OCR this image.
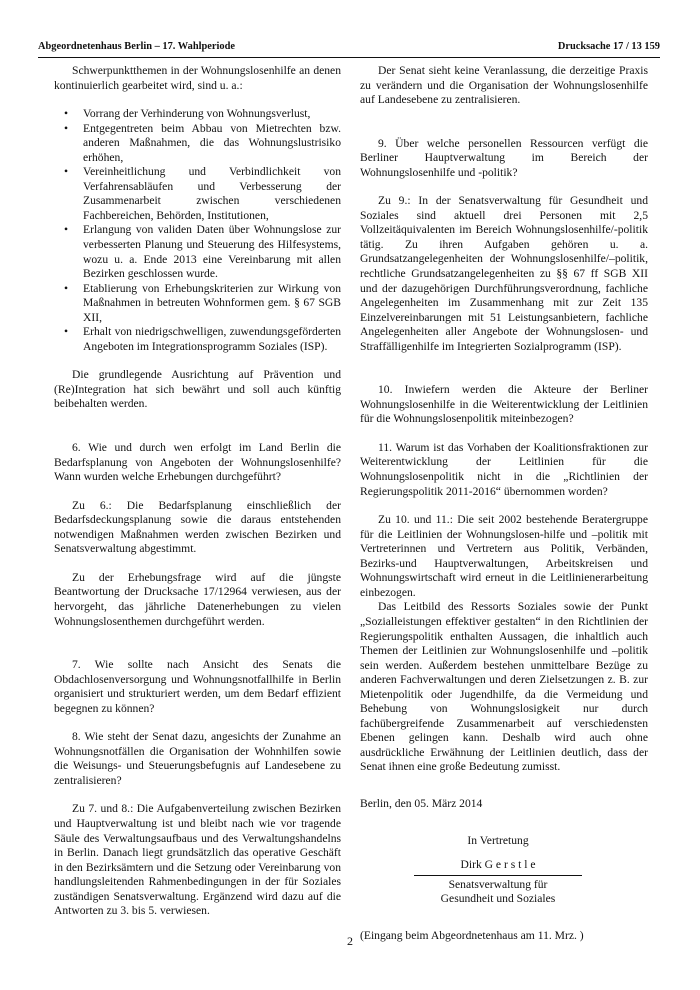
Abgeordnetenhaus Berlin – 17. Wahlperiode	Drucksache 17 / 13 159

Schwerpunktthemen in der Wohnungslosenhilfe an denen kontinuierlich gearbeitet wird, sind u. a.:

• Vorrang der Verhinderung von Wohnungsverlust,
• Entgegentreten beim Abbau von Mietrechten bzw. anderen Maßnahmen, die das Wohnungslustrisiko erhöhen,
• Vereinheitlichung und Verbindlichkeit von Verfahrensabläufen und Verbesserung der Zusammenarbeit zwischen verschiedenen Fachbereichen, Behörden, Institutionen,
• Erlangung von validen Daten über Wohnungslose zur verbesserten Planung und Steuerung des Hilfesystems, wozu u. a. Ende 2013 eine Vereinbarung mit allen Bezirken geschlossen wurde.
• Etablierung von Erhebungskriterien zur Wirkung von Maßnahmen in betreuten Wohnformen gem. § 67 SGB XII,
• Erhalt von niedrigschwelligen, zuwendungsgeförderten Angeboten im Integrationsprogramm Soziales (ISP).

Die grundlegende Ausrichtung auf Prävention und (Re)Integration hat sich bewährt und soll auch künftig beibehalten werden.

6. Wie und durch wen erfolgt im Land Berlin die Bedarfsplanung von Angeboten der Wohnungslosenhilfe? Wann wurden welche Erhebungen durchgeführt?

Zu 6.: Die Bedarfsplanung einschließlich der Bedarfsdeckungsplanung sowie die daraus entstehenden notwendigen Maßnahmen werden zwischen Bezirken und Senatsverwaltung abgestimmt.

Zu der Erhebungsfrage wird auf die jüngste Beantwortung der Drucksache 17/12964 verwiesen, aus der hervorgeht, das jährliche Datenerhebungen zu vielen Wohnungslosenthemen durchgeführt werden.

7. Wie sollte nach Ansicht des Senats die Obdachlosenversorgung und Wohnungsnotfallhilfe in Berlin organisiert und strukturiert werden, um dem Bedarf effizient begegnen zu können?

8. Wie steht der Senat dazu, angesichts der Zunahme an Wohnungsnotfällen die Organisation der Wohnhilfen sowie die Weisungs- und Steuerungsbefugnis auf Landesebene zu zentralisieren?

Zu 7. und 8.: Die Aufgabenverteilung zwischen Bezirken und Hauptverwaltung ist und bleibt nach wie vor tragende Säule des Verwaltungsaufbaus und des Verwaltungshandelns in Berlin. Danach liegt grundsätzlich das operative Geschäft in den Bezirksämtern und die Setzung oder Vereinbarung von handlungsleitenden Rahmenbedingungen in der für Soziales zuständigen Senatsverwaltung. Ergänzend wird dazu auf die Antworten zu 3. bis 5. verwiesen.

Der Senat sieht keine Veranlassung, die derzeitige Praxis zu verändern und die Organisation der Wohnungslosenhilfe auf Landesebene zu zentralisieren.

9. Über welche personellen Ressourcen verfügt die Berliner Hauptverwaltung im Bereich der Wohnungslosenhilfe und -politik?

Zu 9.: In der Senatsverwaltung für Gesundheit und Soziales sind aktuell drei Personen mit 2,5 Vollzeitäquivalenten im Bereich Wohnungslosenhilfe/-politik tätig. Zu ihren Aufgaben gehören u. a. Grundsatzangelegenheiten der Wohnungslosenhilfe/–politik, rechtliche Grundsatzangelegenheiten zu §§ 67 ff SGB XII und der dazugehörigen Durchführungsverordnung, fachliche Angelegenheiten im Zusammenhang mit zur Zeit 135 Einzelvereinbarungen mit 51 Leistungsanbietern, fachliche Angelegenheiten aller Angebote der Wohnungslosen- und Straffälligenhilfe im Integrierten Sozialprogramm (ISP).

10. Inwiefern werden die Akteure der Berliner Wohnungslosenhilfe in die Weiterentwicklung der Leitlinien für die Wohnungslosenpolitik miteinbezogen?

11. Warum ist das Vorhaben der Koalitionsfraktionen zur Weiterentwicklung der Leitlinien für die Wohnungslosenpolitik nicht in die „Richtlinien der Regierungspolitik 2011-2016“ übernommen worden?

Zu 10. und 11.: Die seit 2002 bestehende Beratergruppe für die Leitlinien der Wohnungslosen-hilfe und –politik mit Vertreterinnen und Vertretern aus Politik, Verbänden, Bezirks-und Hauptverwaltungen, Arbeitskreisen und Wohnungswirtschaft wird erneut in die Leitlinienerarbeitung einbezogen.

Das Leitbild des Ressorts Soziales sowie der Punkt „Sozialleistungen effektiver gestalten“ in den Richtlinien der Regierungspolitik enthalten Aussagen, die inhaltlich auch Themen der Leitlinien zur Wohnungslosenhilfe und –politik sein werden. Außerdem bestehen unmittelbare Bezüge zu anderen Fachverwaltungen und deren Zielsetzungen z. B. zur Mietenpolitik oder Jugendhilfe, da die Vermeidung und Behebung von Wohnungslosigkeit nur durch fachübergreifende Zusammenarbeit auf verschiedensten Ebenen gelingen kann. Deshalb wird auch ohne ausdrückliche Erwähnung der Leitlinien deutlich, dass der Senat ihnen eine große Bedeutung zumisst.

Berlin, den 05. März 2014

In Vertretung

Dirk G e r s t l e

Senatsverwaltung für

Gesundheit und Soziales

(Eingang beim Abgeordnetenhaus am 11. Mrz. )

2
